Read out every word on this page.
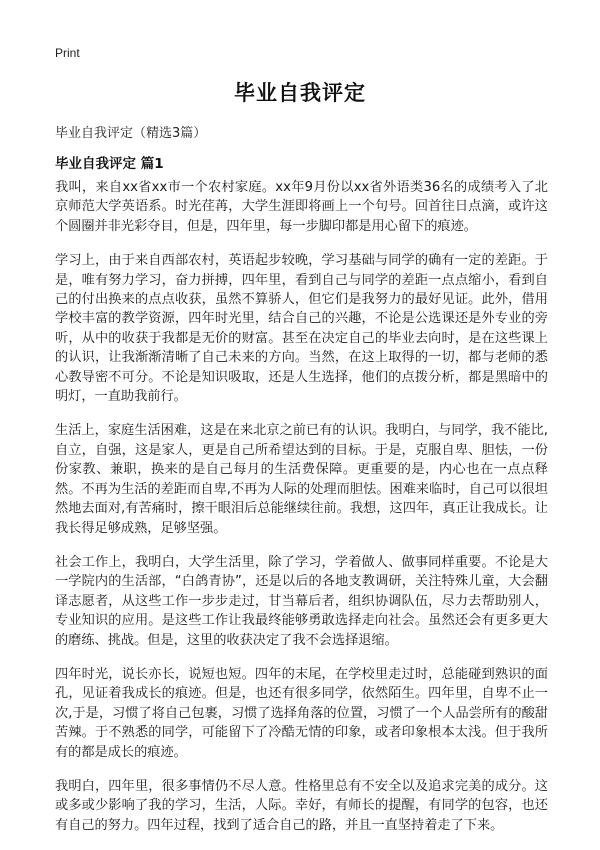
Print
毕业自我评定
毕业自我评定（精选3篇）
毕业自我评定 篇1

我叫，来自xx省xx市一个农村家庭。xx年9月份以xx省外语类36名的成绩考入了北京师范大学英语系。时光荏苒，大学生涯即将画上一个句号。回首往日点滴，或许这个圆圈并非光彩夺目，但是，四年里，每一步脚印都是用心留下的痕迹。

学习上，由于来自西部农村，英语起步较晚，学习基础与同学的确有一定的差距。于是，唯有努力学习，奋力拼搏，四年里，看到自己与同学的差距一点点缩小，看到自己的付出换来的点点收获，虽然不算骄人，但它们是我努力的最好见证。此外，借用学校丰富的教学资源，四年时光里，结合自己的兴趣，不论是公选课还是外专业的旁听，从中的收获于我都是无价的财富。甚至在决定自己的毕业去向时，是在这些课上的认识，让我渐渐清晰了自己未来的方向。当然，在这上取得的一切，都与老师的悉心教导密不可分。不论是知识吸取，还是人生选择，他们的点拨分析，都是黑暗中的明灯，一直助我前行。

生活上，家庭生活困难，这是在来北京之前已有的认识。我明白，与同学，我不能比,自立，自强，这是家人，更是自己所希望达到的目标。于是，克服自卑、胆怯，一份份家教、兼职，换来的是自己每月的生活费保障。更重要的是，内心也在一点点释然。不再为生活的差距而自卑,不再为人际的处理而胆怯。困难来临时，自己可以很坦然地去面对,有苦痛时，擦干眼泪后总能继续往前。我想，这四年，真正让我成长。让我长得足够成熟，足够坚强。

社会工作上，我明白，大学生活里，除了学习，学着做人、做事同样重要。不论是大一学院内的生活部，“白鸽青协”，还是以后的各地支教调研，关注特殊儿童，大会翻译志愿者，从这些工作一步步走过，甘当幕后者，组织协调队伍，尽力去帮助别人，专业知识的应用。是这些工作让我最终能够勇敢选择走向社会。虽然还会有更多更大的磨练、挑战。但是，这里的收获决定了我不会选择退缩。

四年时光，说长亦长，说短也短。四年的末尾，在学校里走过时，总能碰到熟识的面孔，见证着我成长的痕迹。但是，也还有很多同学，依然陌生。四年里，自卑不止一次,于是，习惯了将自己包裹，习惯了选择角落的位置，习惯了一个人品尝所有的酸甜苦辣。于不熟悉的同学，可能留下了冷酷无情的印象，或者印象根本太浅。但于我所有的都是成长的痕迹。

我明白，四年里，很多事情仍不尽人意。性格里总有不安全以及追求完美的成分。这或多或少影响了我的学习，生活，人际。幸好，有师长的提醒，有同学的包容，也还有自己的努力。四年过程，找到了适合自己的路，并且一直坚持着走了下来。
